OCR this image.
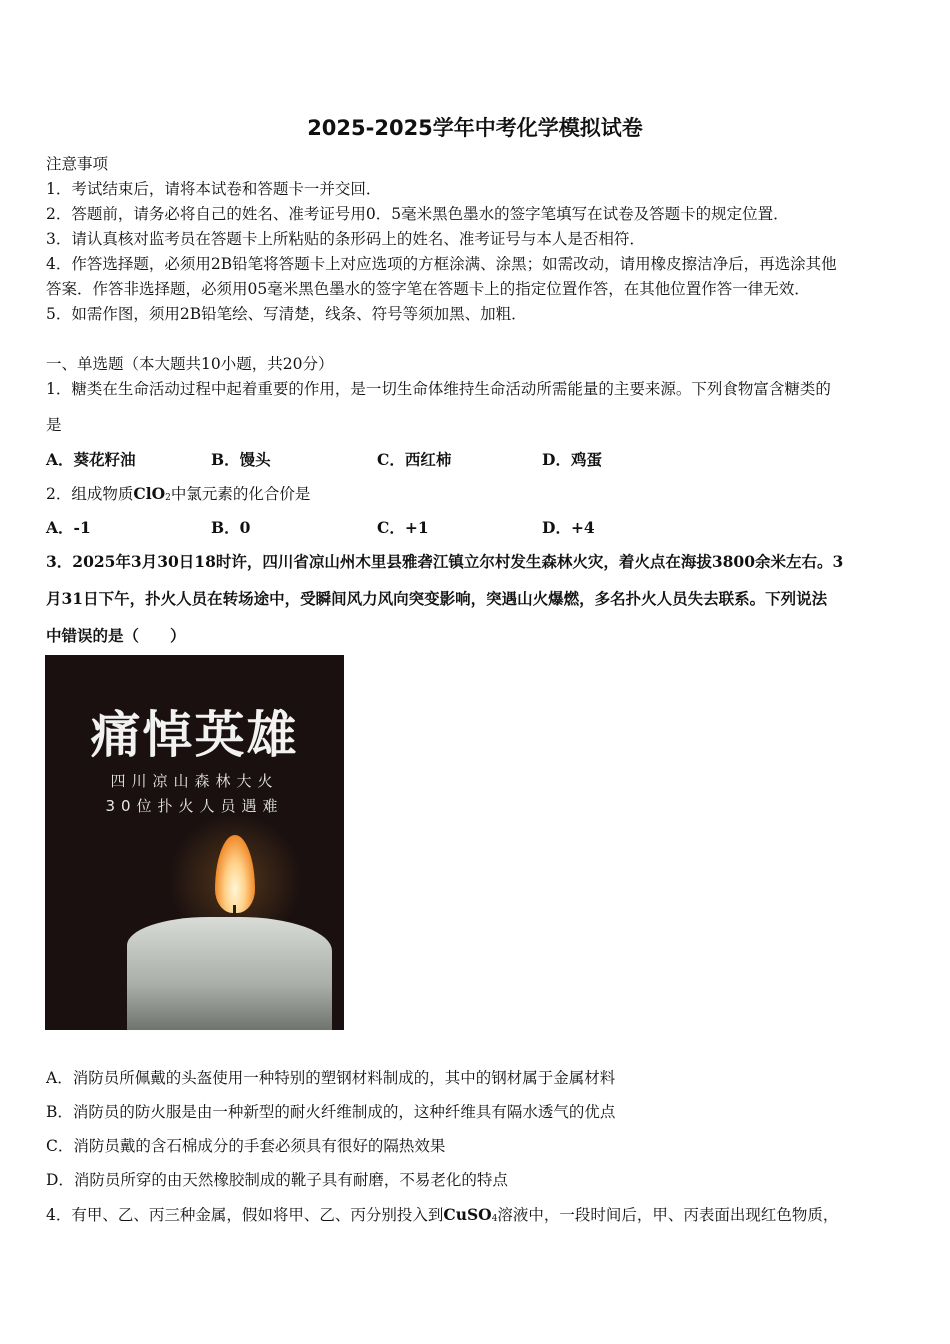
2025-2025学年中考化学模拟试卷
注意事项
1．考试结束后，请将本试卷和答题卡一并交回．
2．答题前，请务必将自己的姓名、准考证号用0．5毫米黑色墨水的签字笔填写在试卷及答题卡的规定位置．
3．请认真核对监考员在答题卡上所粘贴的条形码上的姓名、准考证号与本人是否相符．
4．作答选择题，必须用2B铅笔将答题卡上对应选项的方框涂满、涂黑；如需改动，请用橡皮擦洁净后，再选涂其他
答案．作答非选择题，必须用05毫米黑色墨水的签字笔在答题卡上的指定位置作答，在其他位置作答一律无效．
5．如需作图，须用2B铅笔绘、写清楚，线条、符号等须加黑、加粗．
一、单选题（本大题共10小题，共20分）
1．糖类在生命活动过程中起着重要的作用，是一切生命体维持生命活动所需能量的主要来源。下列食物富含糖类的
是
A．葵花籽油	B．馒头	C．西红柿	D．鸡蛋
2．组成物质ClO2中氯元素的化合价是
A．-1	B．0	C．+1	D．+4
3．2025年3月30日18时许，四川省凉山州木里县雅砻江镇立尔村发生森林火灾，着火点在海拔3800余米左右。3
月31日下午，扑火人员在转场途中，受瞬间风力风向突变影响，突遇山火爆燃，多名扑火人员失去联系。下列说法
中错误的是（　　）
痛悼英雄
四川凉山森林大火
30位扑火人员遇难
A．消防员所佩戴的头盔使用一种特别的塑钢材料制成的，其中的钢材属于金属材料
B．消防员的防火服是由一种新型的耐火纤维制成的，这种纤维具有隔水透气的优点
C．消防员戴的含石棉成分的手套必须具有很好的隔热效果
D．消防员所穿的由天然橡胶制成的靴子具有耐磨，不易老化的特点
4．有甲、乙、丙三种金属，假如将甲、乙、丙分别投入到CuSO4溶液中，一段时间后，甲、丙表面出现红色物质，
